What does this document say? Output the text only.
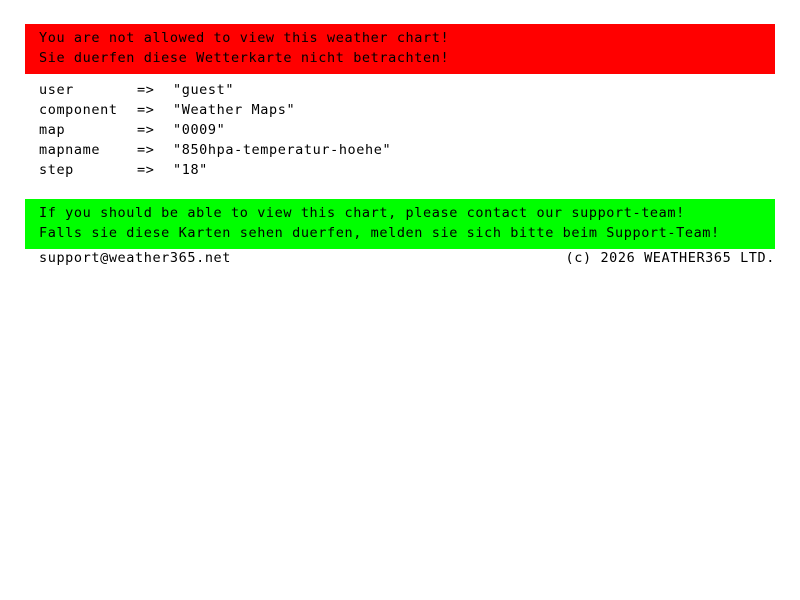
You are not allowed to view this weather chart!
Sie duerfen diese Wetterkarte nicht betrachten!
user	=>	"guest"
component	=>	"Weather Maps"
map	=>	"0009"
mapname	=>	"850hpa-temperatur-hoehe"
step	=>	"18"
If you should be able to view this chart, please contact our support-team!
Falls sie diese Karten sehen duerfen, melden sie sich bitte beim Support-Team!
support@weather365.net	(c) 2026 WEATHER365 LTD.
